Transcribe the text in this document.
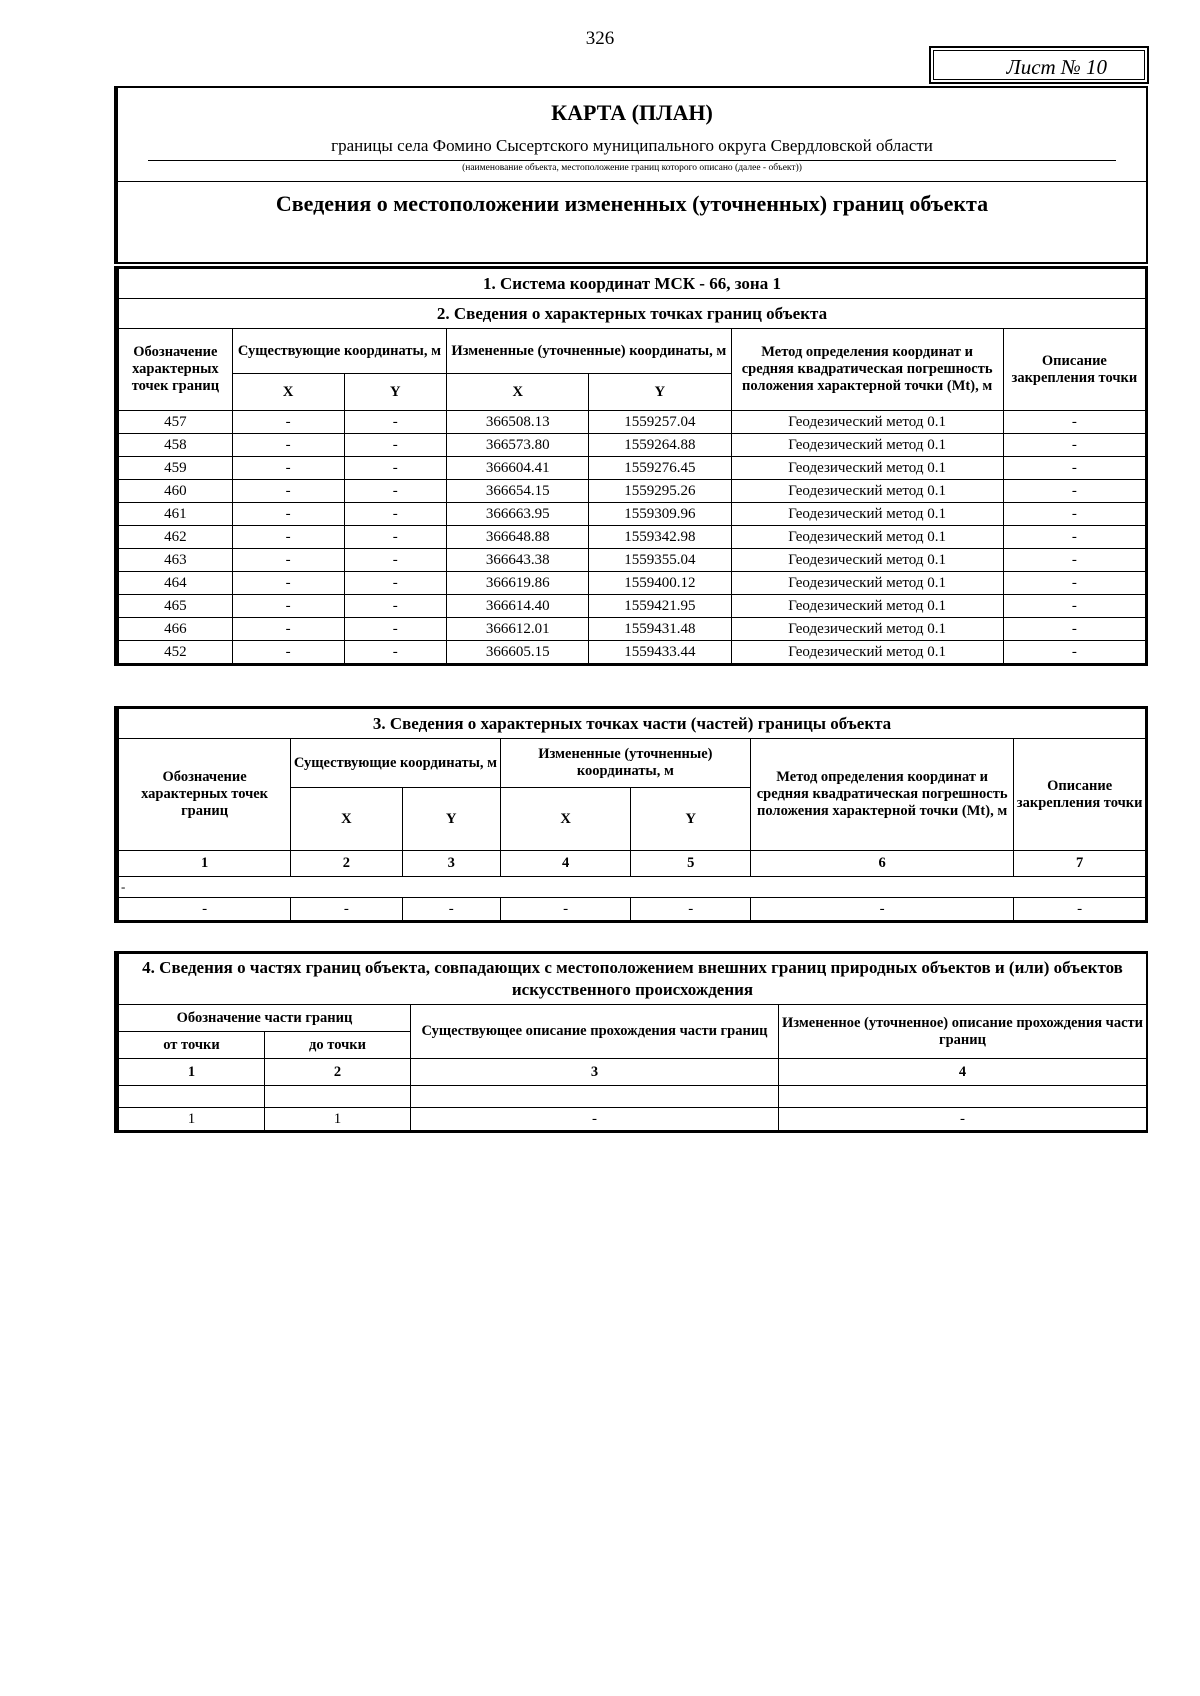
326
Лист № 10
КАРТА (ПЛАН)
границы села Фомино Сысертского муниципального округа Свердловской области
(наименование объекта, местоположение границ которого описано (далее - объект))
Сведения о местоположении измененных (уточненных) границ объекта
1. Система координат МСК - 66, зона 1						
2. Сведения о характерных точках границ объекта						
Обозначение характерных точек границ	Существующие координаты, м		Измененные (уточненные) координаты, м		Метод определения координат и средняя квадратическая погрешность положения характерной точки (Mt), м	Описание закрепления точки
	X	Y	X	Y		
457	-	-	366508.13	1559257.04	Геодезический метод 0.1	-
458	-	-	366573.80	1559264.88	Геодезический метод 0.1	-
459	-	-	366604.41	1559276.45	Геодезический метод 0.1	-
460	-	-	366654.15	1559295.26	Геодезический метод 0.1	-
461	-	-	366663.95	1559309.96	Геодезический метод 0.1	-
462	-	-	366648.88	1559342.98	Геодезический метод 0.1	-
463	-	-	366643.38	1559355.04	Геодезический метод 0.1	-
464	-	-	366619.86	1559400.12	Геодезический метод 0.1	-
465	-	-	366614.40	1559421.95	Геодезический метод 0.1	-
466	-	-	366612.01	1559431.48	Геодезический метод 0.1	-
452	-	-	366605.15	1559433.44	Геодезический метод 0.1	-
3. Сведения о характерных точках части (частей) границы объекта						
Обозначение характерных точек границ	Существующие координаты, м		Измененные (уточненные) координаты, м		Метод определения координат и средняя квадратическая погрешность положения характерной точки (Mt), м	Описание закрепления точки
	X	Y	X	Y		
1	2	3	4	5	6	7
-						
-	-	-	-	-	-	-
4. Сведения о частях границ объекта, совпадающих с местоположением внешних границ природных объектов и (или) объектов искусственного происхождения			
Обозначение части границ		Существующее описание прохождения части границ	Измененное (уточненное) описание прохождения части границ
от точки	до точки		
1	2	3	4

1	1	-	-
